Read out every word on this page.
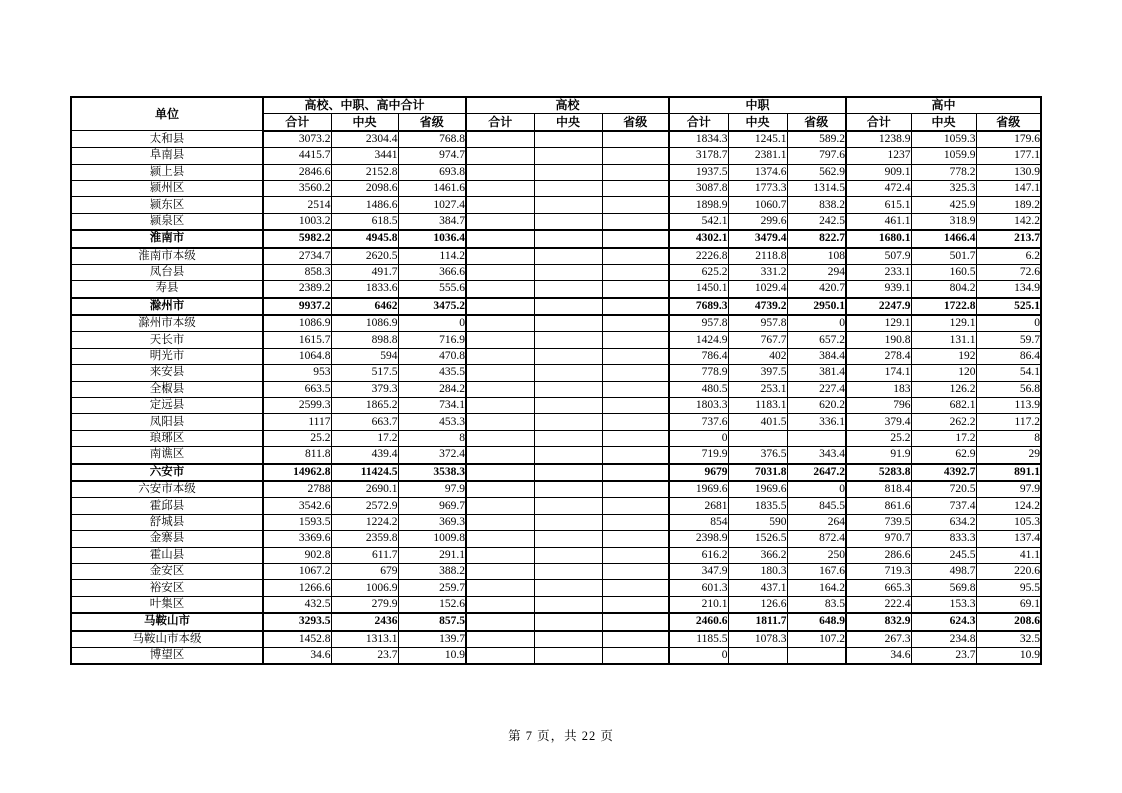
单位	高校、中职、高中合计			高校			中职			高中		
	合计	中央	省级	合计	中央	省级	合计	中央	省级	合计	中央	省级
太和县	3073.2	2304.4	768.8				1834.3	1245.1	589.2	1238.9	1059.3	179.6
阜南县	4415.7	3441	974.7				3178.7	2381.1	797.6	1237	1059.9	177.1
颍上县	2846.6	2152.8	693.8				1937.5	1374.6	562.9	909.1	778.2	130.9
颍州区	3560.2	2098.6	1461.6				3087.8	1773.3	1314.5	472.4	325.3	147.1
颍东区	2514	1486.6	1027.4				1898.9	1060.7	838.2	615.1	425.9	189.2
颍泉区	1003.2	618.5	384.7				542.1	299.6	242.5	461.1	318.9	142.2
淮南市	5982.2	4945.8	1036.4				4302.1	3479.4	822.7	1680.1	1466.4	213.7
淮南市本级	2734.7	2620.5	114.2				2226.8	2118.8	108	507.9	501.7	6.2
凤台县	858.3	491.7	366.6				625.2	331.2	294	233.1	160.5	72.6
寿县	2389.2	1833.6	555.6				1450.1	1029.4	420.7	939.1	804.2	134.9
滁州市	9937.2	6462	3475.2				7689.3	4739.2	2950.1	2247.9	1722.8	525.1
滁州市本级	1086.9	1086.9	0				957.8	957.8	0	129.1	129.1	0
天长市	1615.7	898.8	716.9				1424.9	767.7	657.2	190.8	131.1	59.7
明光市	1064.8	594	470.8				786.4	402	384.4	278.4	192	86.4
来安县	953	517.5	435.5				778.9	397.5	381.4	174.1	120	54.1
全椒县	663.5	379.3	284.2				480.5	253.1	227.4	183	126.2	56.8
定远县	2599.3	1865.2	734.1				1803.3	1183.1	620.2	796	682.1	113.9
凤阳县	1117	663.7	453.3				737.6	401.5	336.1	379.4	262.2	117.2
琅琊区	25.2	17.2	8				0			25.2	17.2	8
南谯区	811.8	439.4	372.4				719.9	376.5	343.4	91.9	62.9	29
六安市	14962.8	11424.5	3538.3				9679	7031.8	2647.2	5283.8	4392.7	891.1
六安市本级	2788	2690.1	97.9				1969.6	1969.6	0	818.4	720.5	97.9
霍邱县	3542.6	2572.9	969.7				2681	1835.5	845.5	861.6	737.4	124.2
舒城县	1593.5	1224.2	369.3				854	590	264	739.5	634.2	105.3
金寨县	3369.6	2359.8	1009.8				2398.9	1526.5	872.4	970.7	833.3	137.4
霍山县	902.8	611.7	291.1				616.2	366.2	250	286.6	245.5	41.1
金安区	1067.2	679	388.2				347.9	180.3	167.6	719.3	498.7	220.6
裕安区	1266.6	1006.9	259.7				601.3	437.1	164.2	665.3	569.8	95.5
叶集区	432.5	279.9	152.6				210.1	126.6	83.5	222.4	153.3	69.1
马鞍山市	3293.5	2436	857.5				2460.6	1811.7	648.9	832.9	624.3	208.6
马鞍山市本级	1452.8	1313.1	139.7				1185.5	1078.3	107.2	267.3	234.8	32.5
博望区	34.6	23.7	10.9				0			34.6	23.7	10.9
第 7 页，共 22 页
